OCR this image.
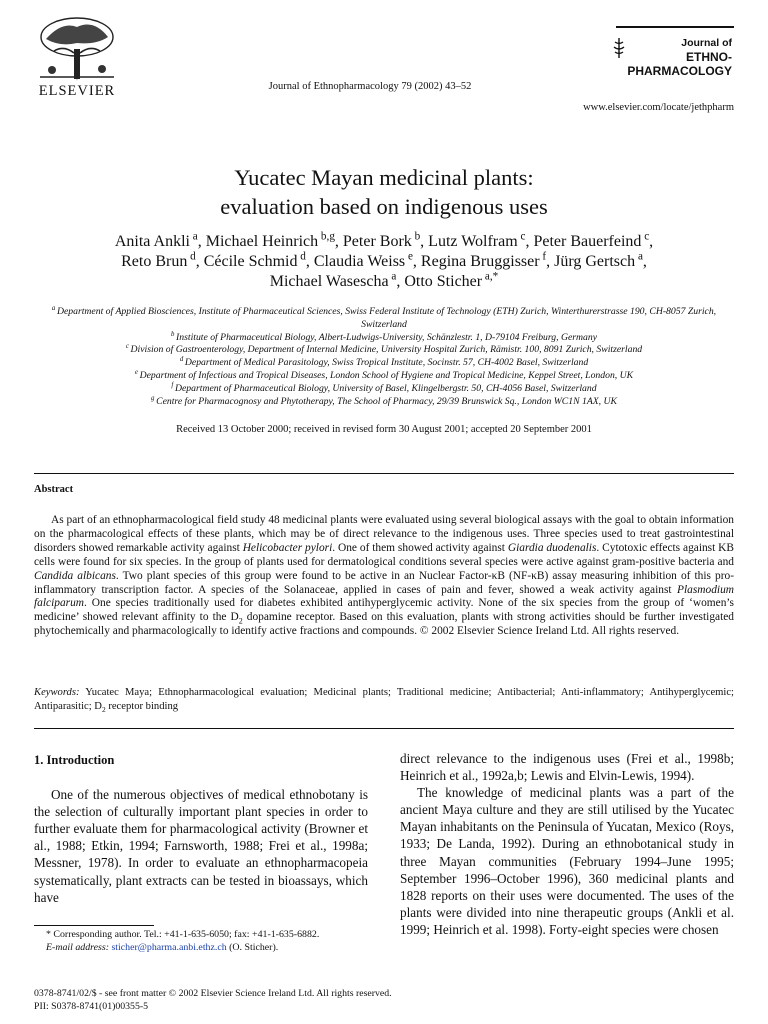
ELSEVIER	Journal of Ethnopharmacology 79 (2002) 43–52
Journal of
ETHNO-
PHARMACOLOGY
www.elsevier.com/locate/jethpharm
Yucatec Mayan medicinal plants:
evaluation based on indigenous uses
Anita Ankli $^a$, Michael Heinrich $^{b,g}$, Peter Bork $^b$, Lutz Wolfram $^c$, Peter Bauerfeind $^c$,
Reto Brun $^d$, Cécile Schmid $^d$, Claudia Weiss $^e$, Regina Bruggisser $^f$, Jürg Gertsch $^a$,
Michael Wasescha $^a$, Otto Sticher $^{a,*}$
$^a$ Department of Applied Biosciences, Institute of Pharmaceutical Sciences, Swiss Federal Institute of Technology (ETH) Zurich, Winterthurerstrasse 190, CH-8057 Zurich, Switzerland
$^b$ Institute of Pharmaceutical Biology, Albert-Ludwigs-University, Schänzlestr. 1, D-79104 Freiburg, Germany
$^c$ Division of Gastroenterology, Department of Internal Medicine, University Hospital Zurich, Rämistr. 100, 8091 Zurich, Switzerland
$^d$ Department of Medical Parasitology, Swiss Tropical Institute, Socinstr. 57, CH-4002 Basel, Switzerland
$^e$ Department of Infectious and Tropical Diseases, London School of Hygiene and Tropical Medicine, Keppel Street, London, UK
$^f$ Department of Pharmaceutical Biology, University of Basel, Klingelbergstr. 50, CH-4056 Basel, Switzerland
$^g$ Centre for Pharmacognosy and Phytotherapy, The School of Pharmacy, 29/39 Brunswick Sq., London WC1N 1AX, UK
Received 13 October 2000; received in revised form 30 August 2001; accepted 20 September 2001
Abstract
As part of an ethnopharmacological field study 48 medicinal plants were evaluated using several biological assays with the goal to obtain information on the pharmacological effects of these plants, which may be of direct relevance to the indigenous uses. Three species used to treat gastrointestinal disorders showed remarkable activity against Helicobacter pylori. One of them showed activity against Giardia duodenalis. Cytotoxic effects against KB cells were found for six species. In the group of plants used for dermatological conditions several species were active against gram-positive bacteria and Candida albicans. Two plant species of this group were found to be active in an Nuclear Factor-κB (NF-κB) assay measuring inhibition of this pro-inflammatory transcription factor. A species of the Solanaceae, applied in cases of pain and fever, showed a weak activity against Plasmodium falciparum. One species traditionally used for diabetes exhibited antihyperglycemic activity. None of the six species from the group of ‘women’s medicine’ showed relevant affinity to the $D_2$ dopamine receptor. Based on this evaluation, plants with strong activities should be further investigated phytochemically and pharmacologically to identify active fractions and compounds. © 2002 Elsevier Science Ireland Ltd. All rights reserved.
Keywords: Yucatec Maya; Ethnopharmacological evaluation; Medicinal plants; Traditional medicine; Antibacterial; Anti-inflammatory; Antihyperglycemic; Antiparasitic; $D_2$ receptor binding
1. Introduction

One of the numerous objectives of medical ethnobotany is the selection of culturally important plant species in order to further evaluate them for pharmacological activity (Browner et al., 1988; Etkin, 1994; Farnsworth, 1988; Frei et al., 1998a; Messner, 1978). In order to evaluate an ethnopharmacopeia systematically, plant extracts can be tested in bioassays, which have

* Corresponding author. Tel.: +41-1-635-6050; fax: +41-1-635-6882.
E-mail address: sticher@pharma.anbi.ethz.ch (O. Sticher).

direct relevance to the indigenous uses (Frei et al., 1998b; Heinrich et al., 1992a,b; Lewis and Elvin-Lewis, 1994).

The knowledge of medicinal plants was a part of the ancient Maya culture and they are still utilised by the Yucatec Mayan inhabitants on the Peninsula of Yucatan, Mexico (Roys, 1933; De Landa, 1992). During an ethnobotanical study in three Mayan communities (February 1994–June 1995; September 1996–October 1996), 360 medicinal plants and 1828 reports on their uses were documented. The uses of the plants were divided into nine therapeutic groups (Ankli et al. 1999; Heinrich et al. 1998). Forty-eight species were chosen

0378-8741/02/$ - see front matter © 2002 Elsevier Science Ireland Ltd. All rights reserved.
PII: S0378-8741(01)00355-5
